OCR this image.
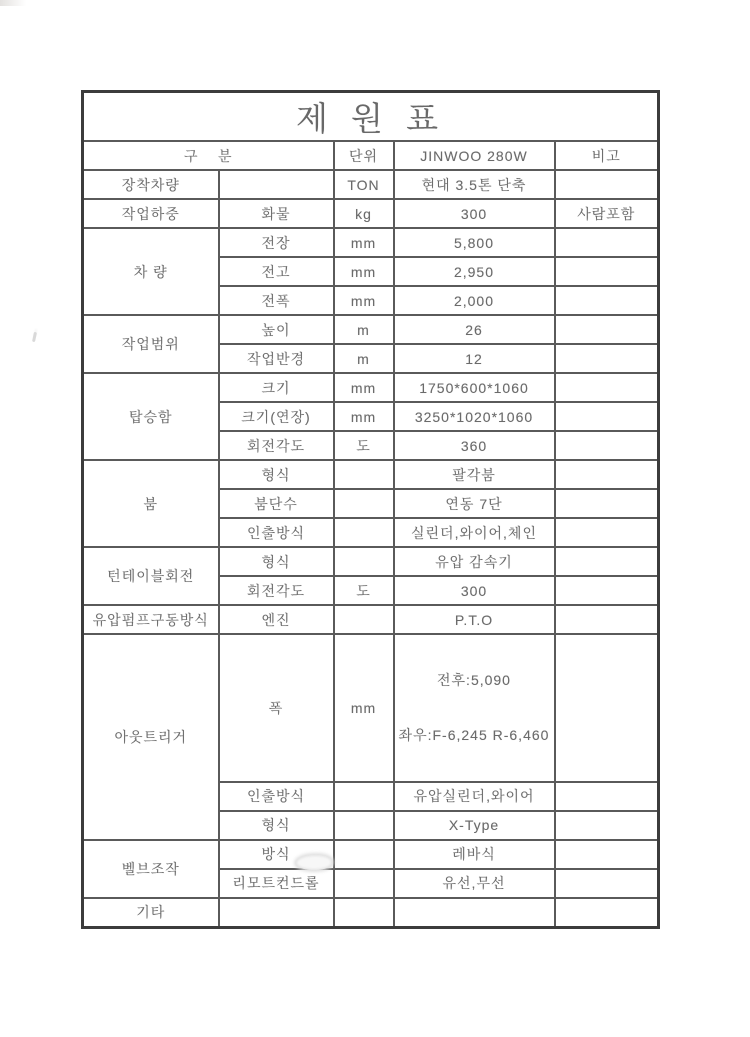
제 원 표				
구    분		단위	JINWOO 280W	비고
장착차량		TON	현대 3.5톤 단축	
작업하중	화물	kg	300	사람포함
차 량	전장	mm	5,800	
	전고	mm	2,950	
	전폭	mm	2,000	
작업범위	높이	m	26	
	작업반경	m	12	
탑승함	크기	mm	1750*600*1060	
	크기(연장)	mm	3250*1020*1060	
	회전각도	도	360	
붐	형식		팔각붐	
	붐단수		연동 7단	
	인출방식		실린더,와이어,체인	
턴테이블회전	형식		유압 감속기	
	회전각도	도	300	
유압펌프구동방식	엔진		P.T.O	
아웃트리거	폭	mm	전후:5,090

좌우:F-6,245 R-6,460	

	인출방식		유압실린더,와이어	
	형식		X-Type	
벨브조작	방식		레바식	
	리모트컨드롤		유선,무선	
기타				
